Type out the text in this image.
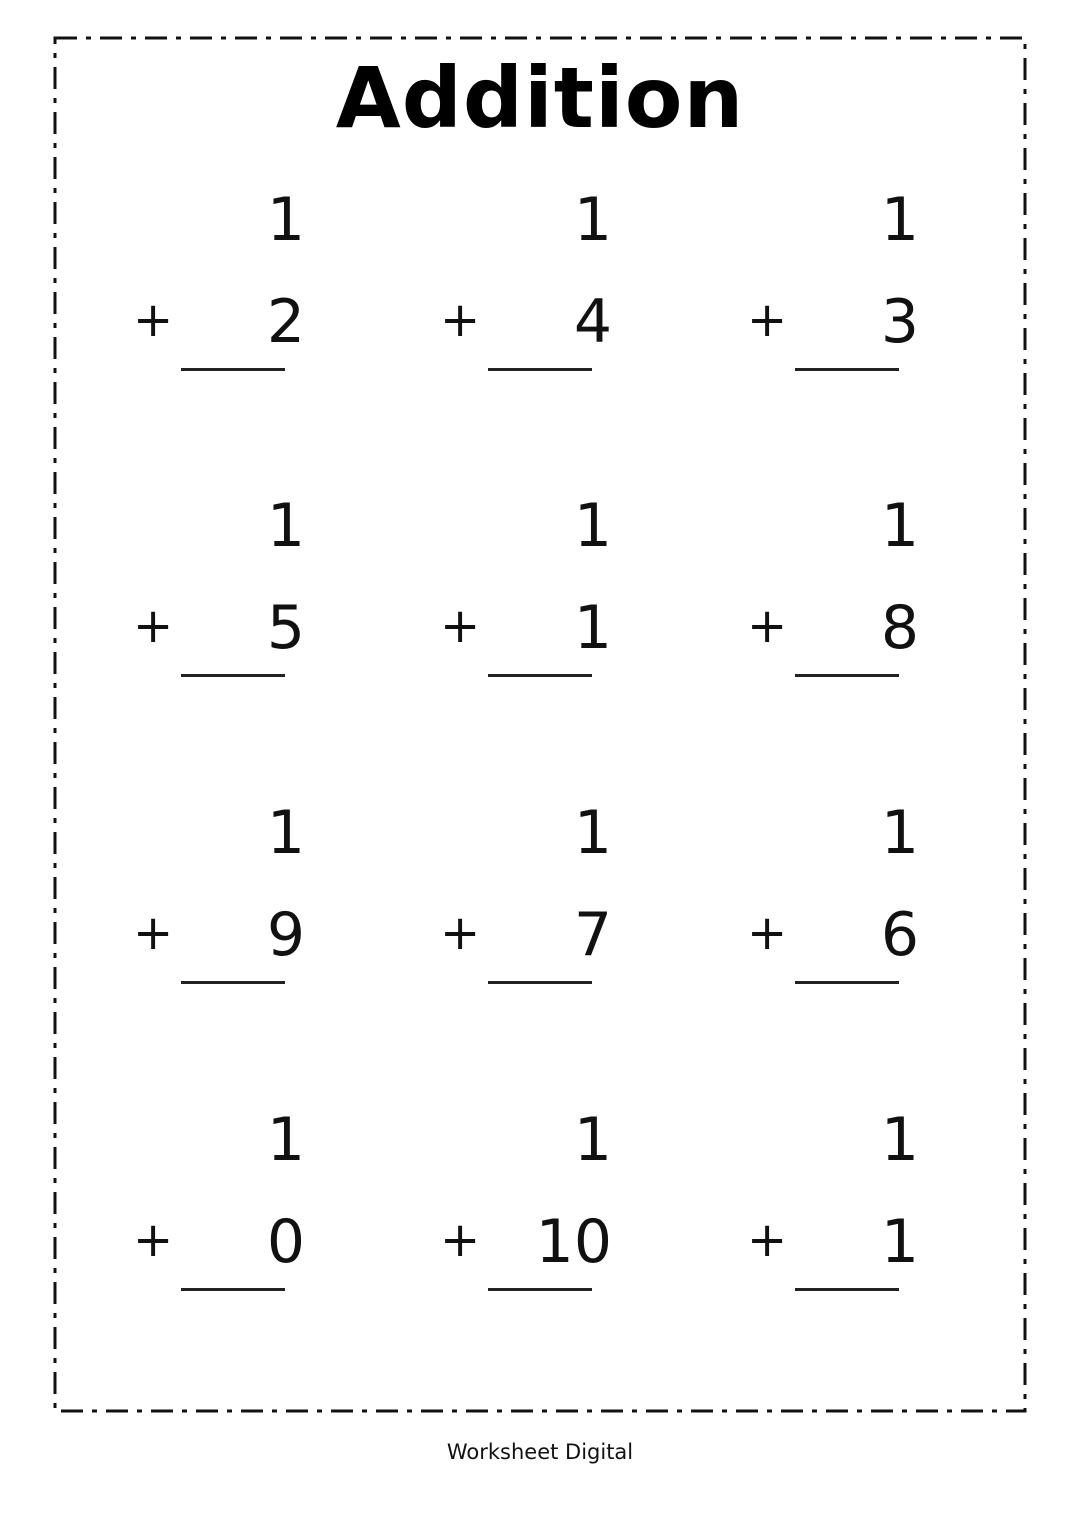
Addition
1
+ 2
1
+ 4
1
+ 3
1
+ 5
1
+ 1
1
+ 8
1
+ 9
1
+ 7
1
+ 6
1
+ 0
1
+ 10
1
+ 1
Worksheet Digital
